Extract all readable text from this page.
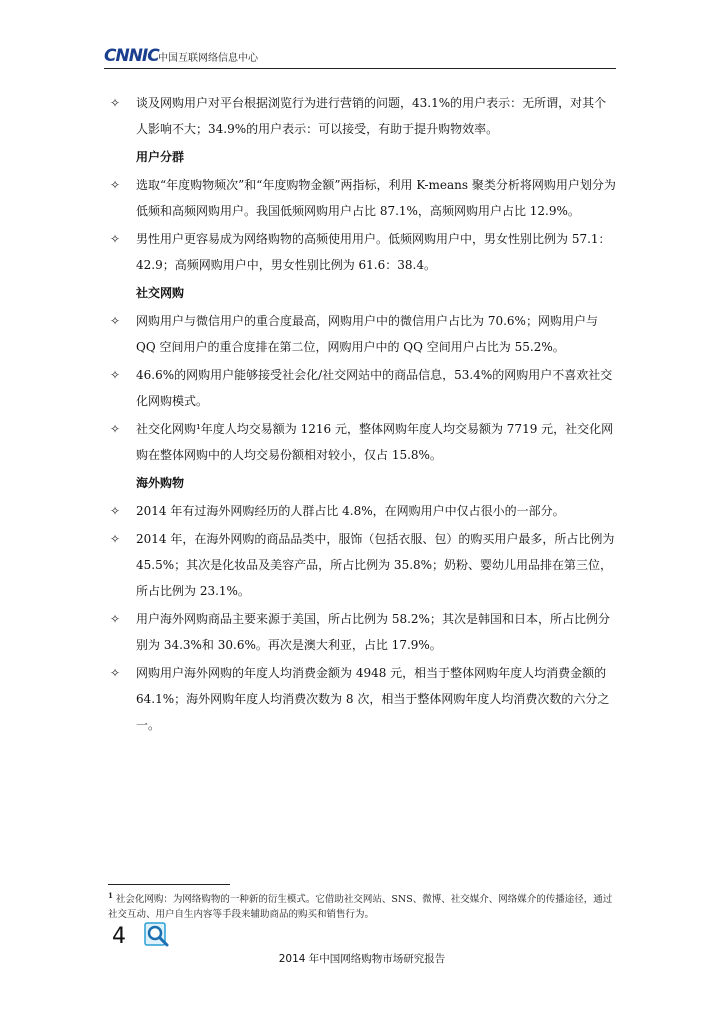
CNNIC 中国互联网络信息中心

✧ 谈及网购用户对平台根据浏览行为进行营销的问题，43.1%的用户表示：无所谓，对其个人影响不大；34.9%的用户表示：可以接受，有助于提升购物效率。

用户分群

✧ 选取“年度购物频次”和“年度购物金额”两指标，利用 K-means 聚类分析将网购用户划分为低频和高频网购用户。我国低频网购用户占比 87.1%，高频网购用户占比 12.9%。

✧ 男性用户更容易成为网络购物的高频使用用户。低频网购用户中，男女性别比例为 57.1：42.9；高频网购用户中，男女性别比例为 61.6：38.4。

社交网购

✧ 网购用户与微信用户的重合度最高，网购用户中的微信用户占比为 70.6%；网购用户与 QQ 空间用户的重合度排在第二位，网购用户中的 QQ 空间用户占比为 55.2%。

✧ 46.6%的网购用户能够接受社会化/社交网站中的商品信息，53.4%的网购用户不喜欢社交化网购模式。

✧ 社交化网购¹年度人均交易额为 1216 元，整体网购年度人均交易额为 7719 元，社交化网购在整体网购中的人均交易份额相对较小，仅占 15.8%。

海外购物

✧ 2014 年有过海外网购经历的人群占比 4.8%，在网购用户中仅占很小的一部分。

✧ 2014 年，在海外网购的商品品类中，服饰（包括衣服、包）的购买用户最多，所占比例为 45.5%；其次是化妆品及美容产品，所占比例为 35.8%；奶粉、婴幼儿用品排在第三位，所占比例为 23.1%。

✧ 用户海外网购商品主要来源于美国，所占比例为 58.2%；其次是韩国和日本，所占比例分别为 34.3%和 30.6%。再次是澳大利亚，占比 17.9%。

✧ 网购用户海外网购的年度人均消费金额为 4948 元，相当于整体网购年度人均消费金额的 64.1%；海外网购年度人均消费次数为 8 次，相当于整体网购年度人均消费次数的六分之一。

$^1$ 社会化网购：为网络购物的一种新的衍生模式。它借助社交网站、SNS、微博、社交媒介、网络媒介的传播途径，通过社交互动、用户自生内容等手段来辅助商品的购买和销售行为。
4
2014 年中国网络购物市场研究报告
